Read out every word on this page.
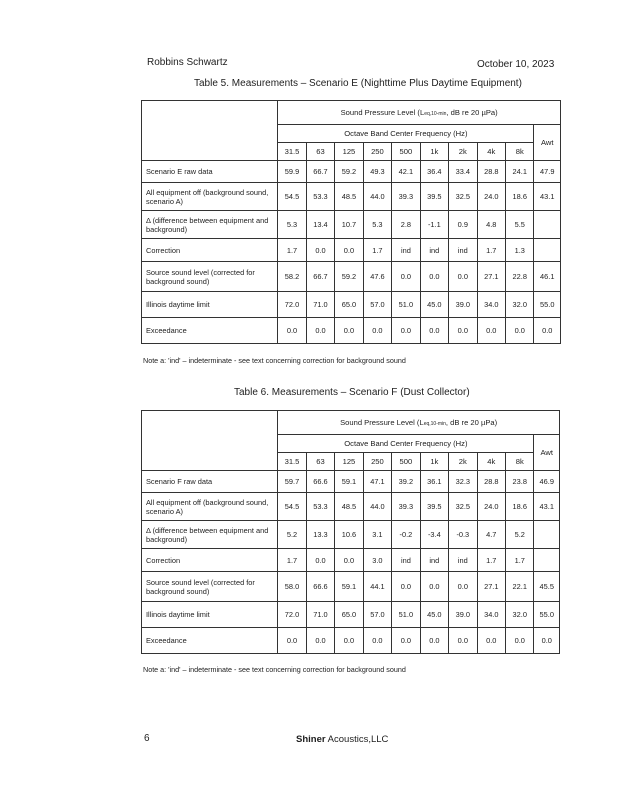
Robbins Schwartz	October 10, 2023
Table 5. Measurements – Scenario E (Nighttime Plus Daytime Equipment)
	Sound Pressure Level (Leq,10-min, dB re 20 µPa)									
	Octave Band Center Frequency (Hz)									Awt
	31.5	63	125	250	500	1k	2k	4k	8k	
Scenario E raw data	59.9	66.7	59.2	49.3	42.1	36.4	33.4	28.8	24.1	47.9
All equipment off (background sound, scenario A)	54.5	53.3	48.5	44.0	39.3	39.5	32.5	24.0	18.6	43.1
Δ (difference between equipment and background)	5.3	13.4	10.7	5.3	2.8	-1.1	0.9	4.8	5.5	
Correction	1.7	0.0	0.0	1.7	ind	ind	ind	1.7	1.3	
Source sound level (corrected for background sound)	58.2	66.7	59.2	47.6	0.0	0.0	0.0	27.1	22.8	46.1
Illinois daytime limit	72.0	71.0	65.0	57.0	51.0	45.0	39.0	34.0	32.0	55.0
Exceedance	0.0	0.0	0.0	0.0	0.0	0.0	0.0	0.0	0.0	0.0
Note a: 'ind' – indeterminate - see text concerning correction for background sound
Table 6. Measurements – Scenario F (Dust Collector)
	Sound Pressure Level (Leq,10-min, dB re 20 µPa)									
	Octave Band Center Frequency (Hz)									Awt
	31.5	63	125	250	500	1k	2k	4k	8k	
Scenario F raw data	59.7	66.6	59.1	47.1	39.2	36.1	32.3	28.8	23.8	46.9
All equipment off (background sound, scenario A)	54.5	53.3	48.5	44.0	39.3	39.5	32.5	24.0	18.6	43.1
Δ (difference between equipment and background)	5.2	13.3	10.6	3.1	-0.2	-3.4	-0.3	4.7	5.2	
Correction	1.7	0.0	0.0	3.0	ind	ind	ind	1.7	1.7	
Source sound level (corrected for background sound)	58.0	66.6	59.1	44.1	0.0	0.0	0.0	27.1	22.1	45.5
Illinois daytime limit	72.0	71.0	65.0	57.0	51.0	45.0	39.0	34.0	32.0	55.0
Exceedance	0.0	0.0	0.0	0.0	0.0	0.0	0.0	0.0	0.0	0.0
Note a: 'ind' – indeterminate - see text concerning correction for background sound
6	Shiner Acoustics,LLC
